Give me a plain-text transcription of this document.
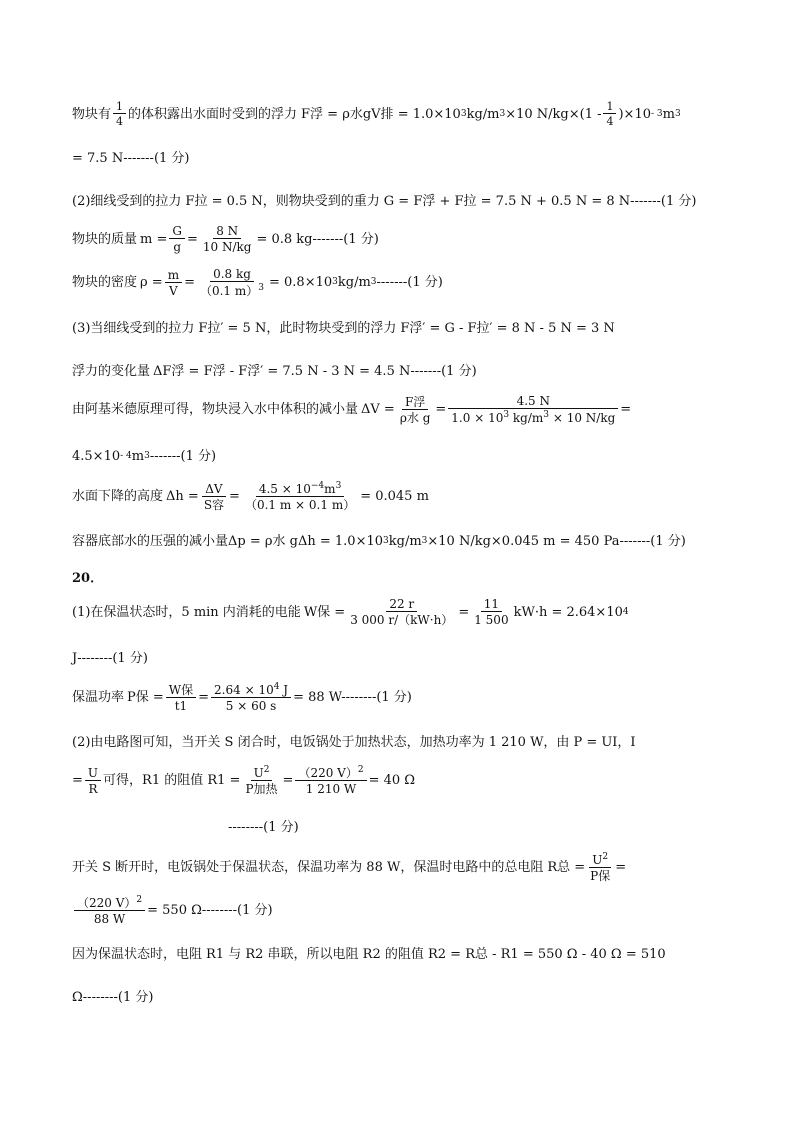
物块有 $\frac{1}{4}$ 的体积露出水面时受到的浮力 F浮 = ρ水gV排 = 1.0×10 3 kg/m 3 ×10 $N/kg\times(1 - \frac{1}{4} )\times 10 - 3$ m 3
= 7.5 N-------(1 分)
(2)细线受到的拉力 F拉 = 0.5 N，则物块受到的重力 G = F浮 + F拉 = 7.5 N + 0.5 N = 8 N-------(1 分)
物块的质量 $m = \frac{G}{g} = \frac{8 N}{10 N/kg} = 0.8$ kg-------(1 分)
物块的密度 $\rho = \frac{m}{V} = \frac{0.8 kg}{(0.1 m)^3} = 0.8\times 10$ 3 kg/m 3 -------(1 分)
(3)当细线受到的拉力 F拉′ = 5 N，此时物块受到的浮力 F浮′ = G - F拉′ = 8 N - 5 N = 3 N
浮力的变化量 ΔF浮 = F浮 - F浮′ = 7.5 N - 3 N = 4.5 N-------(1 分)
由阿基米德原理可得，物块浸入水中体积的减小量 $\Delta V = \frac{\text{F浮}}{\text{ρ水 g}} = \frac{4.5 N}{1.0 \times 10^3 kg/m^3 \times 10 N/kg}$ =
4.5×10 - 4 m 3 -------(1 分)
水面下降的高度 $\Delta h = \frac{\Delta V}{\text{S容}} = \frac{4.5 \times 10^{-4}m^3}{(0.1 m \times 0.1 m)} = 0.045$ m
容器底部水的压强的减小量 Δp = ρ水 gΔh = 1.0×10 3 kg/m 3 ×10 N/kg×0.045 m = 450 Pa-------(1 分)
20．
(1)在保温状态时，5 min 内消耗的电能 W保 = $\frac{22 r}{3 000 r/(kW\cdot h)} = \frac{11}{1 500} kW\cdot h = 2.64\times 10$ 4
J--------(1 分)
保温功率 P保 = $\frac{\text{W保}}{t1} = \frac{2.64 \times 10^4 J}{5 \times 60 s} = 88$ W--------(1 分)
(2)由电路图可知，当开关 S 闭合时，电饭锅处于加热状态，加热功率为 1 210 W，由 P = UI，I
= $\frac{U}{R}$ 可得， R1 的阻值 $R1 = \frac{U^2}{\text{P加热}} = \frac{(220 V)^2}{1 210 W} = 40$ Ω
--------(1 分)
开关 S 断开时，电饭锅处于保温状态，保温功率为 88 W，保温时电路中的总电阻 R总 = $\frac{U^2}{\text{P保}}$ =
$\frac{(220 V)^2}{88 W} = 550$ Ω--------(1 分)
因为保温状态时，电阻 R1 与 R2 串联，所以电阻 R2 的阻值 R2 = R总 - R1 = 550 Ω - 40 Ω = 510
Ω--------(1 分)
